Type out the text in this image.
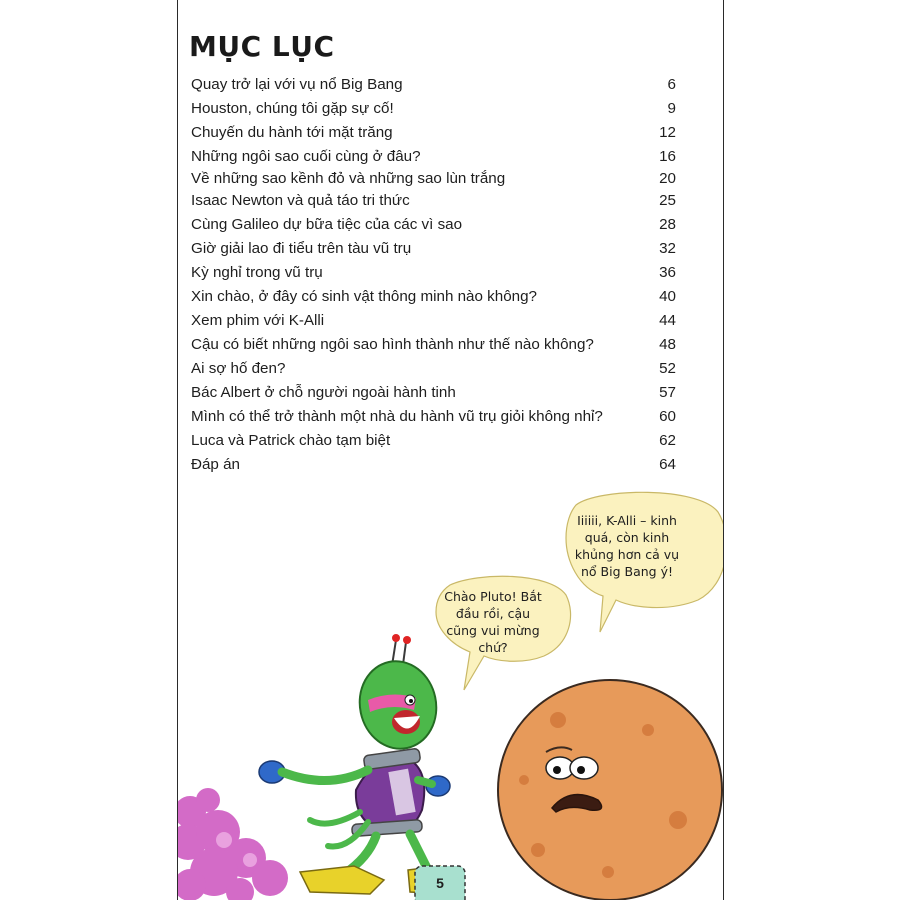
MỤC LỤC
Quay trở lại với vụ nổ Big Bang	6
Houston, chúng tôi gặp sự cố!	9
Chuyến du hành tới mặt trăng	12
Những ngôi sao cuối cùng ở đâu?	16
Về những sao kềnh đỏ và những sao lùn trắng	20
Isaac Newton và quả táo tri thức	25
Cùng Galileo dự bữa tiệc của các vì sao	28
Giờ giải lao đi tiểu trên tàu vũ trụ	32
Kỳ nghỉ trong vũ trụ	36
Xin chào, ở đây có sinh vật thông minh nào không?	40
Xem phim với K-Alli	44
Cậu có biết những ngôi sao hình thành như thế nào không?	48
Ai sợ hố đen?	52
Bác Albert ở chỗ người ngoài hành tinh	57
Mình có thể trở thành một nhà du hành vũ trụ giỏi không nhỉ?	60
Luca và Patrick chào tạm biệt	62
Đáp án	64
Iiiiii, K-Alli – kinh quá, còn kinh khủng hơn cả vụ nổ Big Bang ý!
Chào Pluto! Bắt đầu rồi, cậu cũng vui mừng chứ?
5
